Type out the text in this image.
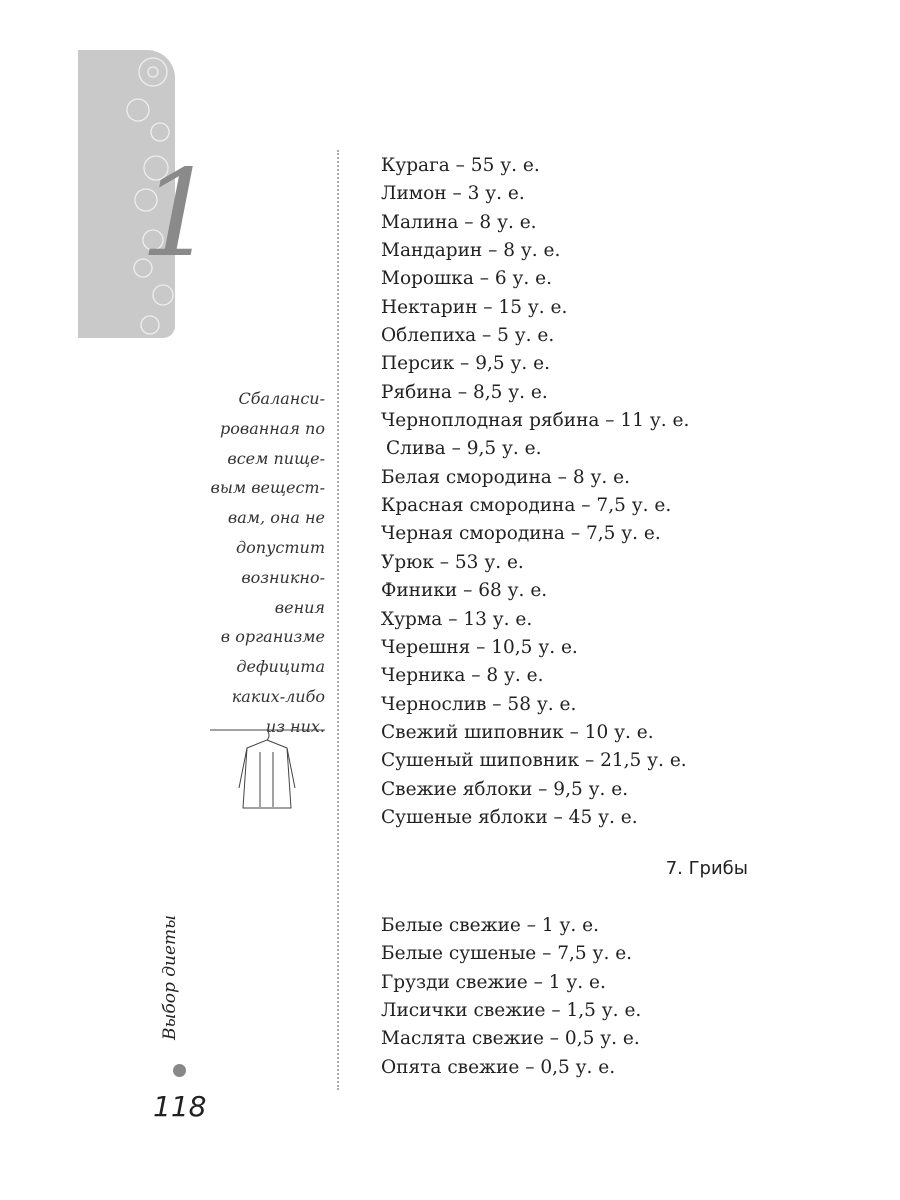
1
Сбаланси-
рованная по
всем пище-
вым вещест-
вам, она не
допустит
возникно-
вения
в организме
дефицита
каких-либо
из них.
Курага – 55 у. е.
Лимон – 3 у. е.
Малина – 8 у. е.
Мандарин – 8 у. е.
Морошка – 6 у. е.
Нектарин – 15 у. е.
Облепиха – 5 у. е.
Персик – 9,5 у. е.
Рябина – 8,5 у. е.
Черноплодная рябина – 11 у. е.
Слива – 9,5 у. е.
Белая смородина – 8 у. е.
Красная смородина – 7,5 у. е.
Черная смородина – 7,5 у. е.
Урюк – 53 у. е.
Финики – 68 у. е.
Хурма – 13 у. е.
Черешня – 10,5 у. е.
Черника – 8 у. е.
Чернослив – 58 у. е.
Свежий шиповник – 10 у. е.
Сушеный шиповник – 21,5 у. е.
Свежие яблоки – 9,5 у. е.
Сушеные яблоки – 45 у. е.
7. Грибы
Белые свежие – 1 у. е.
Белые сушеные – 7,5 у. е.
Грузди свежие – 1 у. е.
Лисички свежие – 1,5 у. е.
Маслята свежие – 0,5 у. е.
Опята свежие – 0,5 у. е.
Выбор диеты
118
